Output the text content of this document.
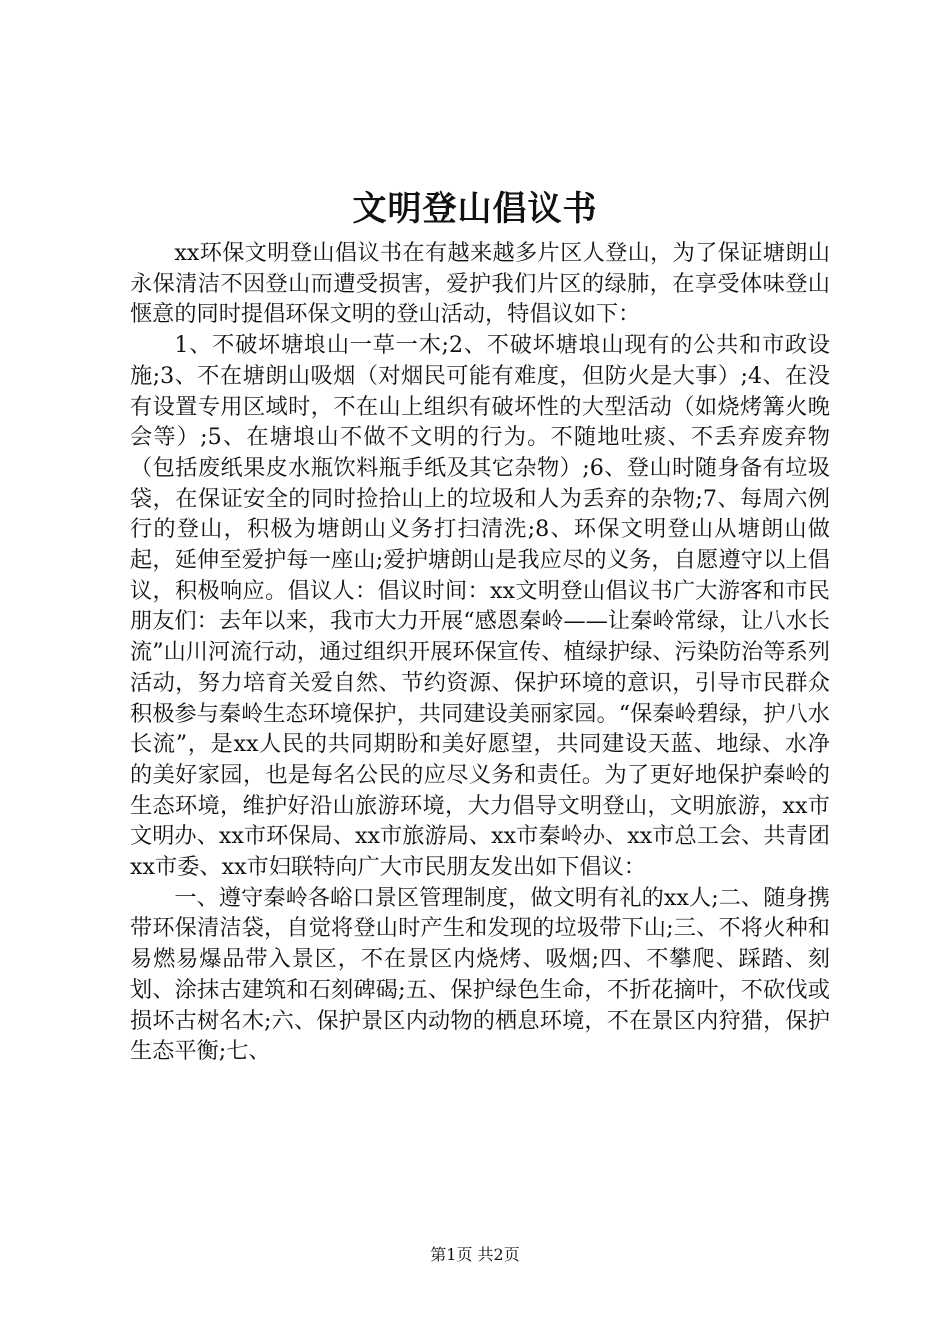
文明登山倡议书

xx环保文明登山倡议书在有越来越多片区人登山，为了保证塘朗山永保清洁不因登山而遭受损害，爱护我们片区的绿肺，在享受体味登山惬意的同时提倡环保文明的登山活动，特倡议如下：

1、不破坏塘埌山一草一木;2、不破坏塘埌山现有的公共和市政设施;3、不在塘朗山吸烟（对烟民可能有难度，但防火是大事）;4、在没有设置专用区域时，不在山上组织有破坏性的大型活动（如烧烤篝火晚会等）;5、在塘埌山不做不文明的行为。不随地吐痰、不丢弃废弃物（包括废纸果皮水瓶饮料瓶手纸及其它杂物）;6、登山时随身备有垃圾袋，在保证安全的同时捡拾山上的垃圾和人为丢弃的杂物;7、每周六例行的登山，积极为塘朗山义务打扫清洗;8、环保文明登山从塘朗山做起，延伸至爱护每一座山;爱护塘朗山是我应尽的义务，自愿遵守以上倡议，积极响应。倡议人：倡议时间：xx文明登山倡议书广大游客和市民朋友们：去年以来，我市大力开展“感恩秦岭——让秦岭常绿，让八水长流”山川河流行动，通过组织开展环保宣传、植绿护绿、污染防治等系列活动，努力培育关爱自然、节约资源、保护环境的意识，引导市民群众积极参与秦岭生态环境保护，共同建设美丽家园。“保秦岭碧绿，护八水长流”，是xx人民的共同期盼和美好愿望，共同建设天蓝、地绿、水净的美好家园，也是每名公民的应尽义务和责任。为了更好地保护秦岭的生态环境，维护好沿山旅游环境，大力倡导文明登山，文明旅游，xx市文明办、xx市环保局、xx市旅游局、xx市秦岭办、xx市总工会、共青团xx市委、xx市妇联特向广大市民朋友发出如下倡议：

一、遵守秦岭各峪口景区管理制度，做文明有礼的xx人;二、随身携带环保清洁袋，自觉将登山时产生和发现的垃圾带下山;三、不将火种和易燃易爆品带入景区，不在景区内烧烤、吸烟;四、不攀爬、踩踏、刻划、涂抹古建筑和石刻碑碣;五、保护绿色生命，不折花摘叶，不砍伐或损坏古树名木;六、保护景区内动物的栖息环境，不在景区内狩猎，保护生态平衡;七、

第1页 共2页
